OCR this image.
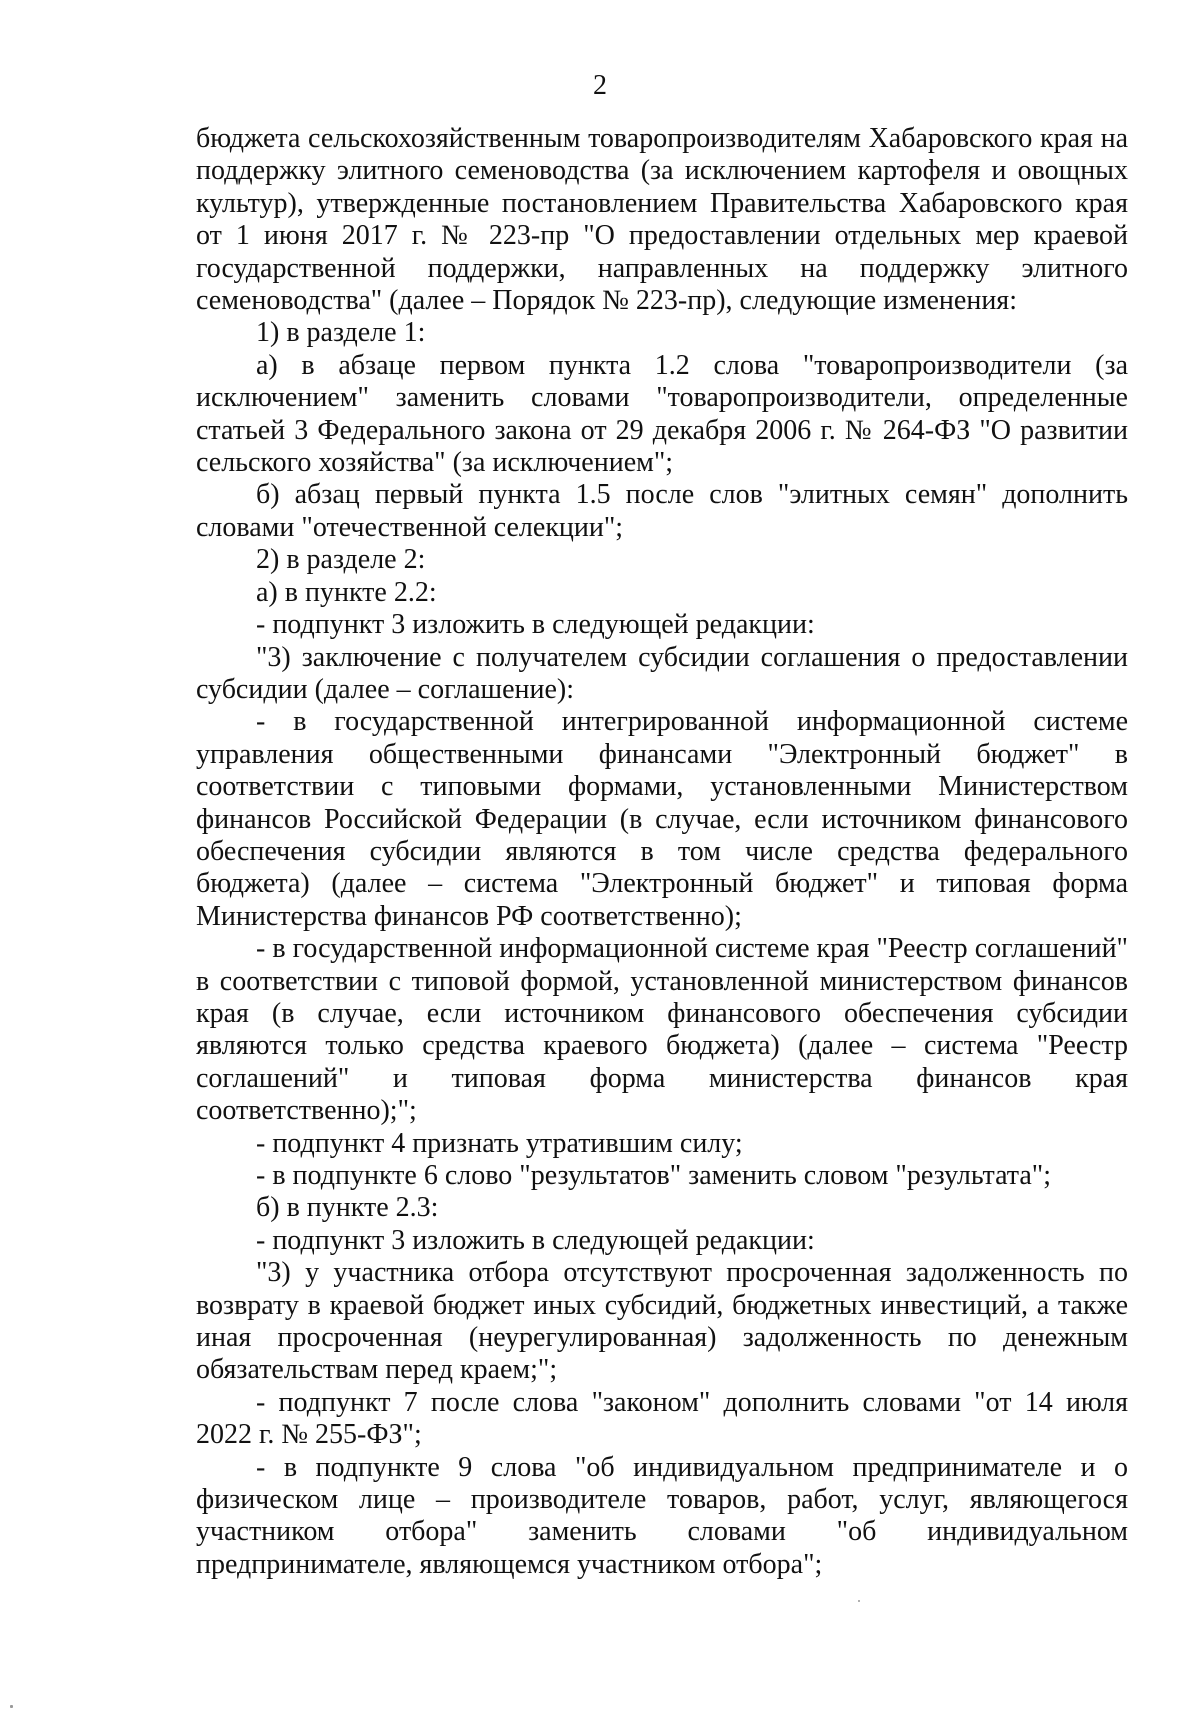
2

бюджета сельскохозяйственным товаропроизводителям Хабаровского края на поддержку элитного семеноводства (за исключением картофеля и овощных культур), утвержденные постановлением Правительства Хабаровского края от 1 июня 2017 г. № 223-пр "О предоставлении отдельных мер краевой государственной поддержки, направленных на поддержку элитного семеноводства" (далее – Порядок № 223-пр), следующие изменения:

1) в разделе 1:

а) в абзаце первом пункта 1.2 слова "товаропроизводители (за исключением" заменить словами "товаропроизводители, определенные статьей 3 Федерального закона от 29 декабря 2006 г. № 264-ФЗ "О развитии сельского хозяйства" (за исключением";

б) абзац первый пункта 1.5 после слов "элитных семян" дополнить словами "отечественной селекции";

2) в разделе 2:

а) в пункте 2.2:

- подпункт 3 изложить в следующей редакции:

"3) заключение с получателем субсидии соглашения о предоставлении субсидии (далее – соглашение):

- в государственной интегрированной информационной системе управления общественными финансами "Электронный бюджет" в соответствии с типовыми формами, установленными Министерством финансов Российской Федерации (в случае, если источником финансового обеспечения субсидии являются в том числе средства федерального бюджета) (далее – система "Электронный бюджет" и типовая форма Министерства финансов РФ соответственно);

- в государственной информационной системе края "Реестр соглашений" в соответствии с типовой формой, установленной министерством финансов края (в случае, если источником финансового обеспечения субсидии являются только средства краевого бюджета) (далее – система "Реестр соглашений" и типовая форма министерства финансов края соответственно);";

- подпункт 4 признать утратившим силу;

- в подпункте 6 слово "результатов" заменить словом "результата";

б) в пункте 2.3:

- подпункт 3 изложить в следующей редакции:

"3) у участника отбора отсутствуют просроченная задолженность по возврату в краевой бюджет иных субсидий, бюджетных инвестиций, а также иная просроченная (неурегулированная) задолженность по денежным обязательствам перед краем;";

- подпункт 7 после слова "законом" дополнить словами "от 14 июля 2022 г. № 255-ФЗ";

- в подпункте 9 слова "об индивидуальном предпринимателе и о физическом лице – производителе товаров, работ, услуг, являющегося участником отбора" заменить словами "об индивидуальном предпринимателе, являющемся участником отбора";
